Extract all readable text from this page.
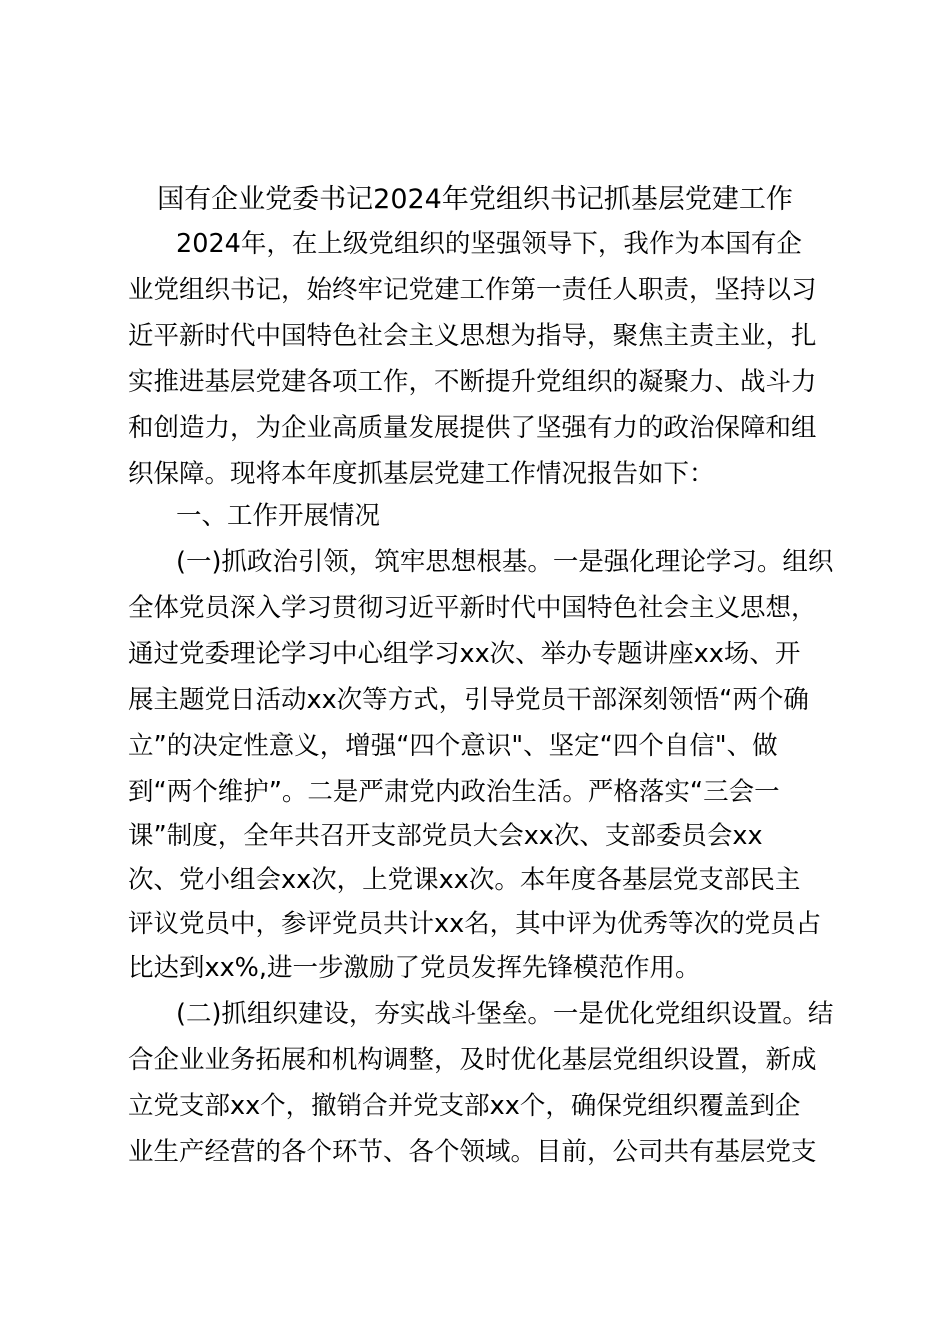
国有企业党委书记2024年党组织书记抓基层党建工作

2024年，在上级党组织的坚强领导下，我作为本国有企

业党组织书记，始终牢记党建工作第一责任人职责，坚持以习

近平新时代中国特色社会主义思想为指导，聚焦主责主业，扎

实推进基层党建各项工作，不断提升党组织的凝聚力、战斗力

和创造力，为企业高质量发展提供了坚强有力的政治保障和组

织保障。现将本年度抓基层党建工作情况报告如下：

一、工作开展情况

(一)抓政治引领，筑牢思想根基。一是强化理论学习。组织

全体党员深入学习贯彻习近平新时代中国特色社会主义思想，

通过党委理论学习中心组学习xx次、举办专题讲座xx场、开

展主题党日活动xx次等方式，引导党员干部深刻领悟“两个确

立”的决定性意义，增强“四个意识"、坚定“四个自信"、做

到“两个维护”。二是严肃党内政治生活。严格落实“三会一

课”制度，全年共召开支部党员大会xx次、支部委员会xx

次、党小组会xx次，上党课xx次。本年度各基层党支部民主

评议党员中，参评党员共计xx名，其中评为优秀等次的党员占

比达到xx%,进一步激励了党员发挥先锋模范作用。

(二)抓组织建设，夯实战斗堡垒。一是优化党组织设置。结

合企业业务拓展和机构调整，及时优化基层党组织设置，新成

立党支部xx个，撤销合并党支部xx个，确保党组织覆盖到企

业生产经营的各个环节、各个领域。目前，公司共有基层党支
